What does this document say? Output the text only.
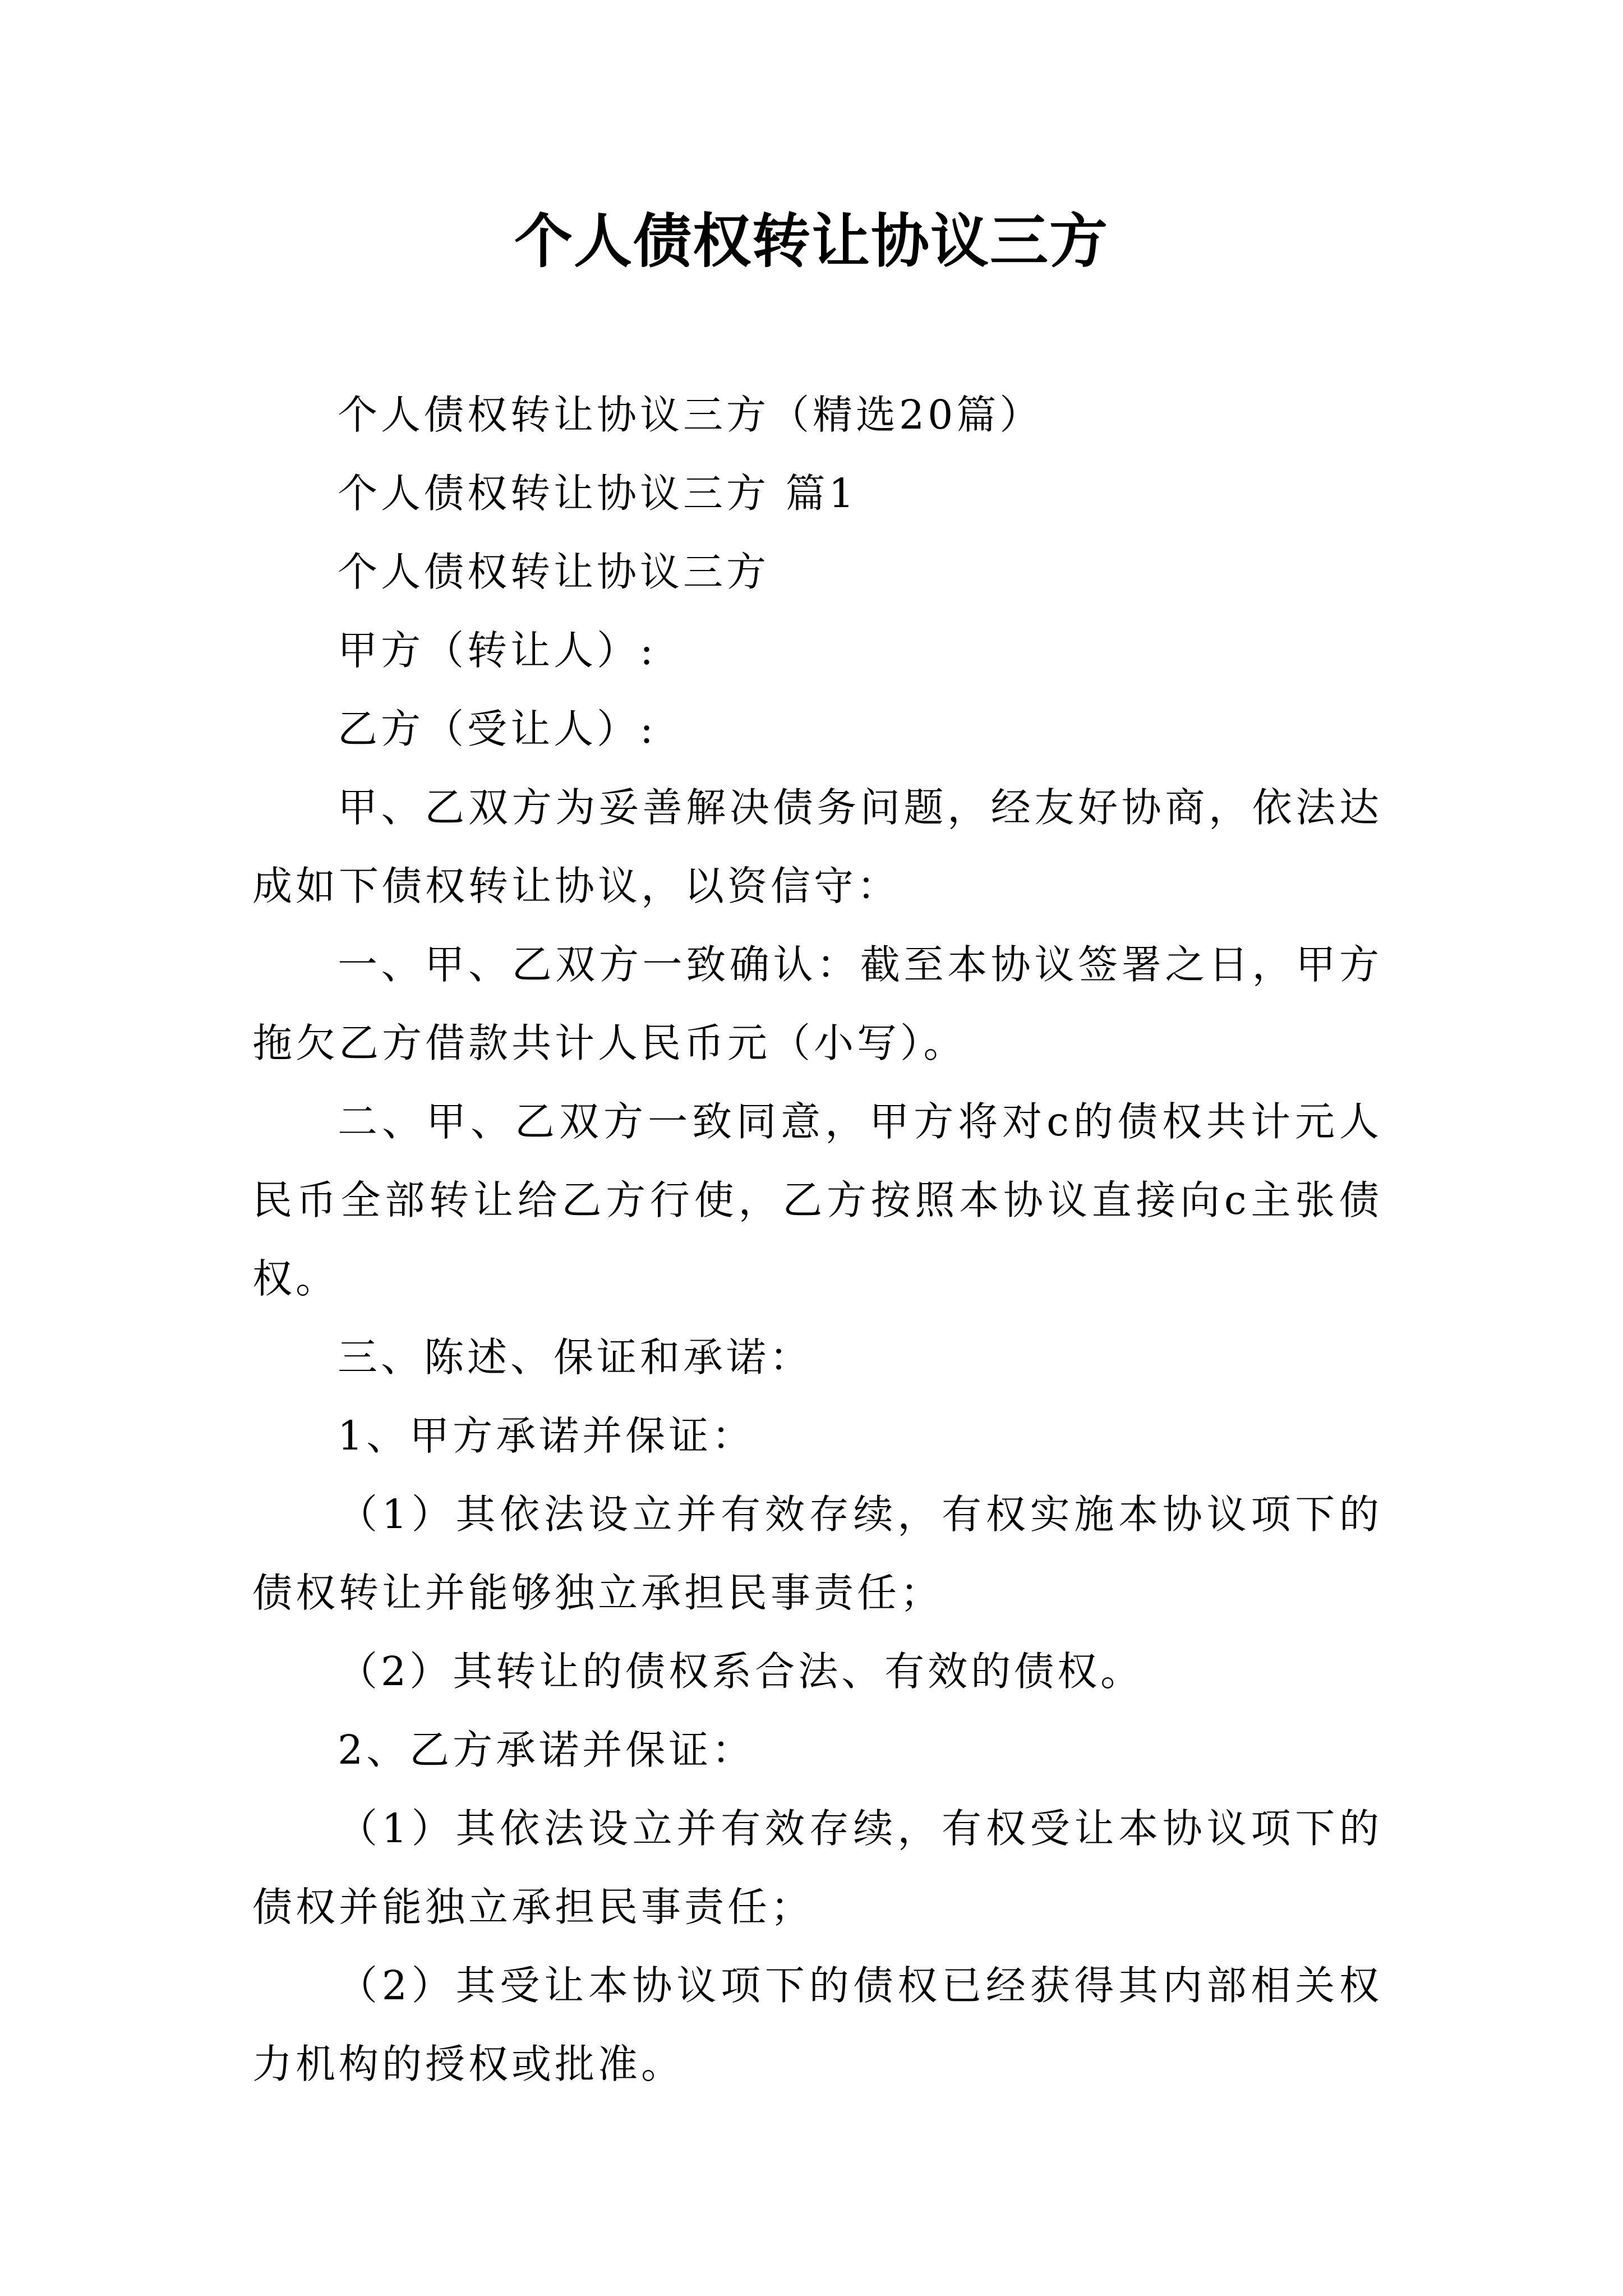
个人债权转让协议三方

个人债权转让协议三方（精选20篇）

个人债权转让协议三方 篇1

个人债权转让协议三方

甲方（转让人）:

乙方（受让人）:

甲、乙双方为妥善解决债务问题，经友好协商，依法达成如下债权转让协议，以资信守：

一、甲、乙双方一致确认：截至本协议签署之日，甲方拖欠乙方借款共计人民币元（小写）。

二、甲、乙双方一致同意，甲方将对c的债权共计元人民币全部转让给乙方行使，乙方按照本协议直接向c主张债权。

三、陈述、保证和承诺：

1、甲方承诺并保证：

（1）其依法设立并有效存续，有权实施本协议项下的债权转让并能够独立承担民事责任；

（2）其转让的债权系合法、有效的债权。

2、乙方承诺并保证：

（1）其依法设立并有效存续，有权受让本协议项下的债权并能独立承担民事责任；

（2）其受让本协议项下的债权已经获得其内部相关权力机构的授权或批准。
